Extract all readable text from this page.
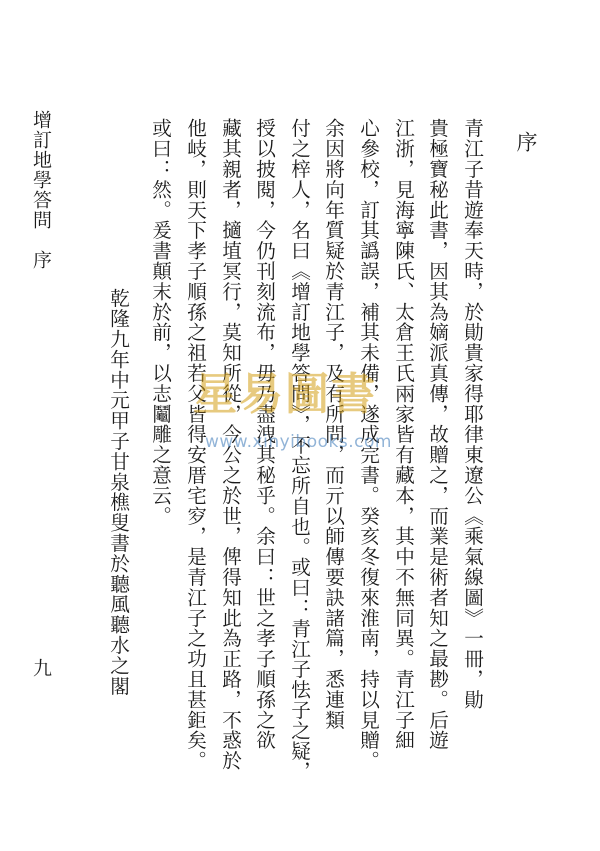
序
青江子昔遊奉天時，於勛貴家得耶律東遼公《乘氣線圖》一冊，勛
貴極寶秘此書，因其為嫡派真傳，故贈之，而業是術者知之最尠。后遊
江浙，見海寧陳氏、太倉王氏兩家皆有藏本，其中不無同異。青江子細
心參校，訂其譌誤，補其未備，遂成完書。癸亥冬復來淮南，持以見贈。
余因將向年質疑於青江子，及有所問，而亓以師傳要訣諸篇，悉連類
付之梓人，名曰《增訂地學答問》，不忘所自也。或曰：青江子怯子之疑，
授以披閱，今仍刊刻流布，毋乃盡洩其秘乎。余曰：世之孝子順孫之欲
藏其親者，擿埴冥行，莫知所從，今公之於世，俾得知此為正路，不惑於
他岐，則天下孝子順孫之祖若父皆得安厝宅穸，是青江子之功且甚鉅矣。
或曰：然。爰書顛末於前，以志鬮雕之意云。
乾隆九年中元甲子甘泉樵叟書於聽風聽水之閣
增訂地學答問　序
九
星易圖書
www.xinyibooks.com
